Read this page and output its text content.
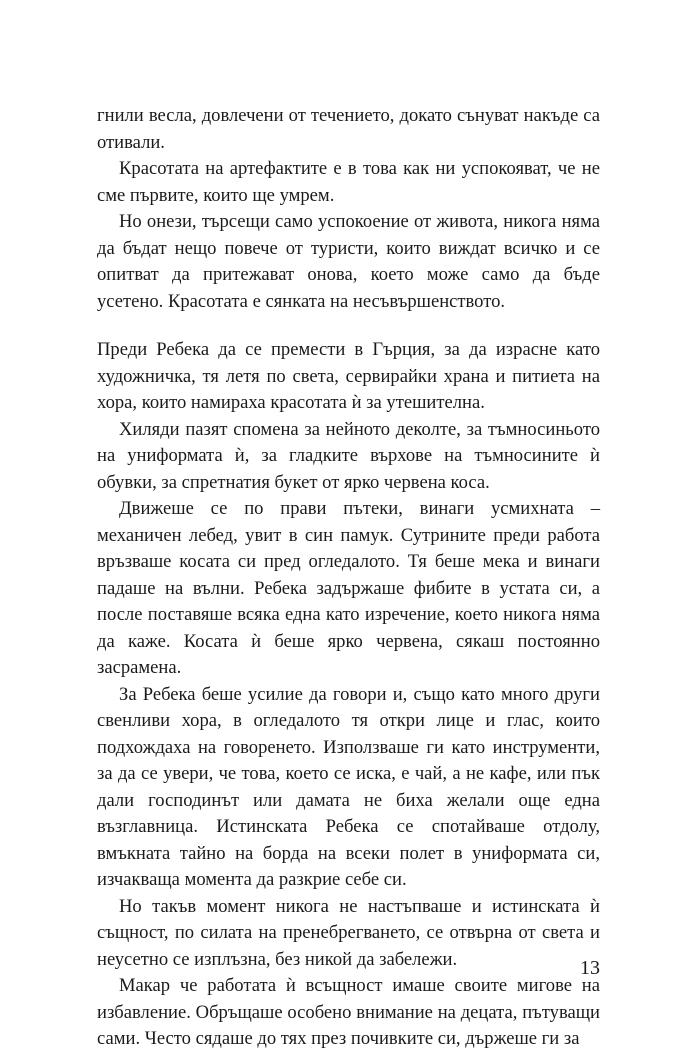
гнили весла, довлечени от течението, докато сънуват накъде са отивали.

Красотата на артефактите е в това как ни успокояват, че не сме първите, които ще умрем.

Но онези, търсещи само успокоение от живота, никога няма да бъдат нещо повече от туристи, които виждат всичко и се опитват да притежават онова, което може само да бъде усетено. Красотата е сянката на несъвършенството.

Преди Ребека да се премести в Гърция, за да израсне като художничка, тя летя по света, сервирайки храна и питиета на хора, които намираха красотата ѝ за утешителна.

Хиляди пазят спомена за нейното деколте, за тъмносиньото на униформата ѝ, за гладките върхове на тъмносините ѝ обувки, за спретнатия букет от ярко червена коса.

Движеше се по прави пътеки, винаги усмихната – механичен лебед, увит в син памук. Сутрините преди работа връзваше косата си пред огледалото. Тя беше мека и винаги падаше на вълни. Ребека задържаше фибите в устата си, а после поставяше всяка една като изречение, което никога няма да каже. Косата ѝ беше ярко червена, сякаш постоянно засрамена.

За Ребека беше усилие да говори и, също като много други свенливи хора, в огледалото тя откри лице и глас, които подхождаха на говоренето. Използваше ги като инструменти, за да се увери, че това, което се иска, е чай, а не кафе, или пък дали господинът или дамата не биха желали още една възглавница. Истинската Ребека се спотайваше отдолу, вмъкната тайно на борда на всеки полет в униформата си, изчакваща момента да разкрие себе си.

Но такъв момент никога не настъпваше и истинската ѝ същност, по силата на пренебрегването, се отвърна от света и неусетно се изплъзна, без никой да забележи.

Макар че работата ѝ всъщност имаше своите мигове на избавление. Обръщаше особено внимание на децата, пътуващи сами. Често сядаше до тях през почивките си, държеше ги за

13
